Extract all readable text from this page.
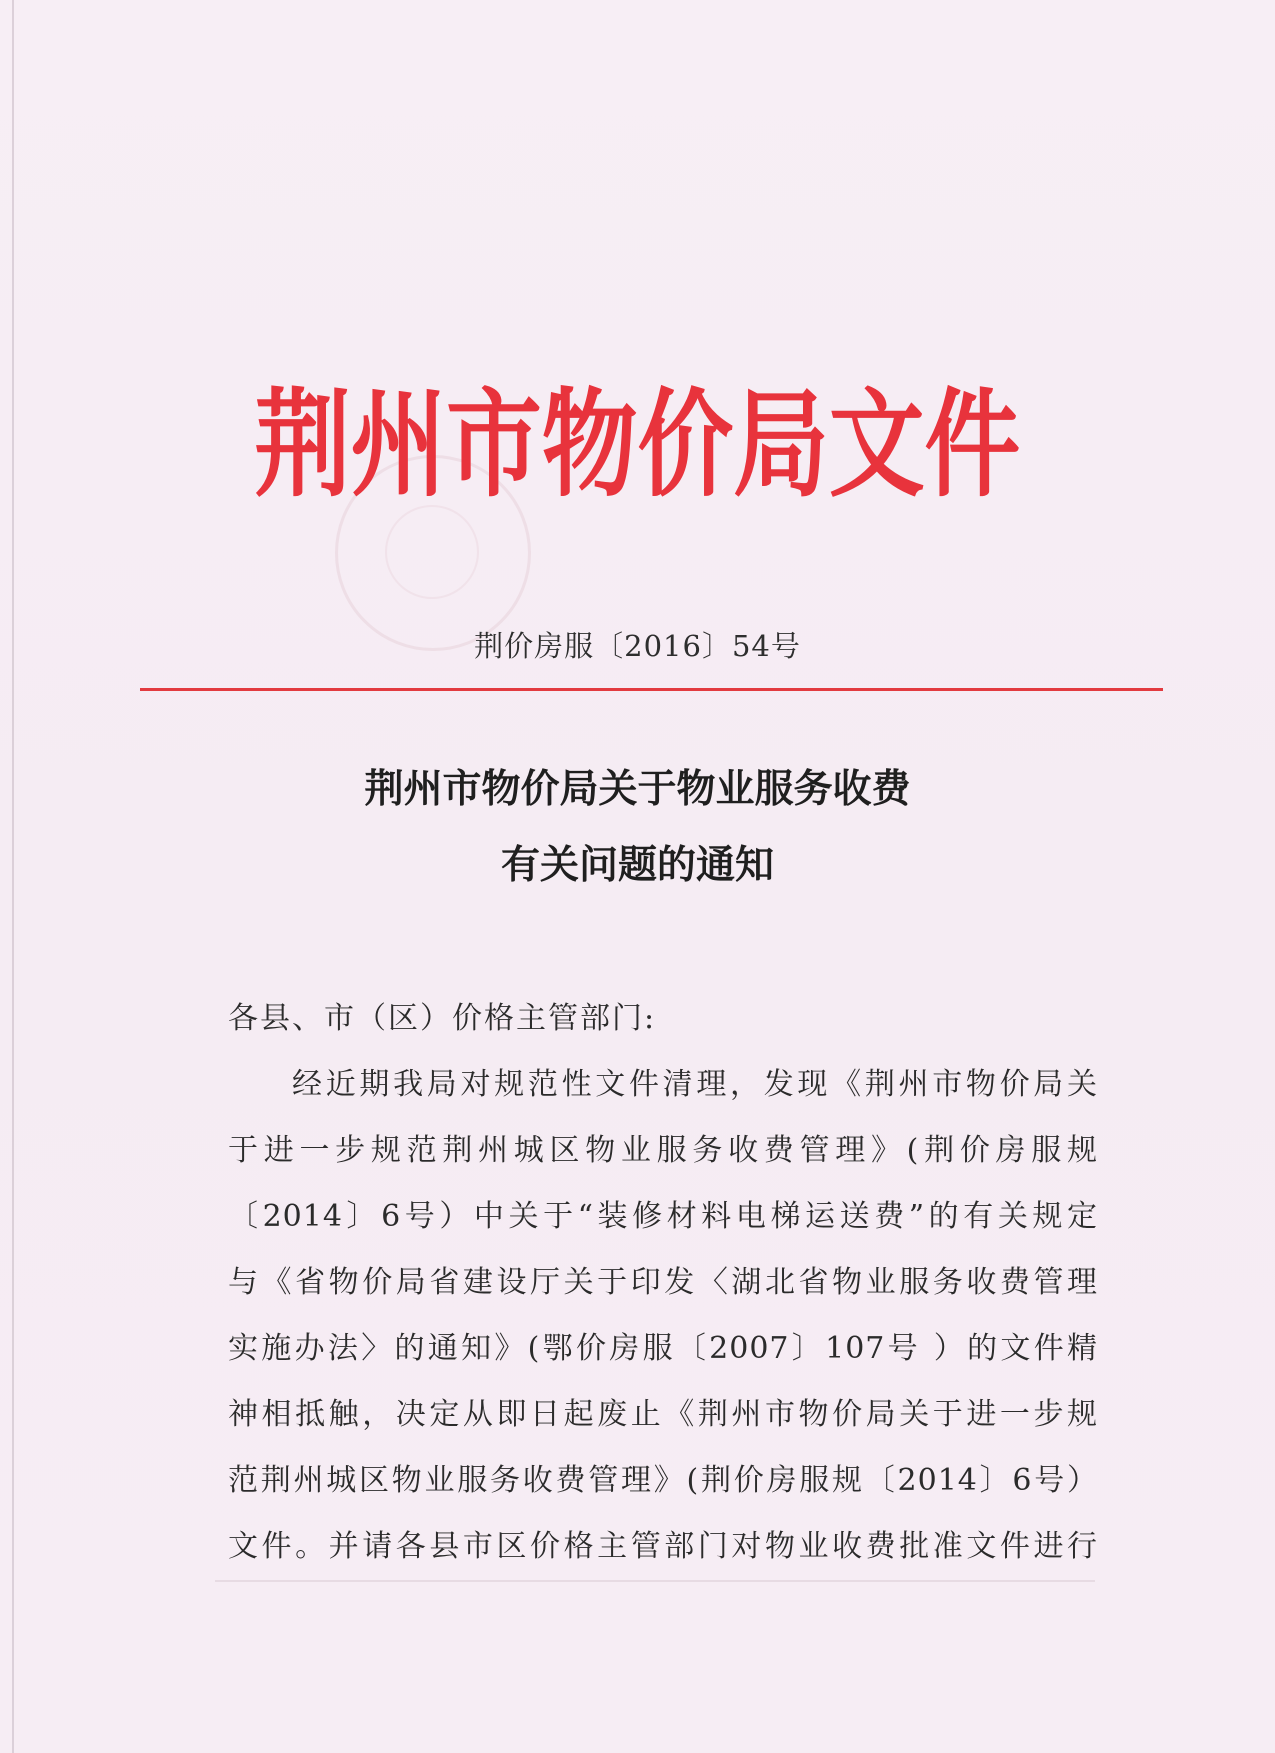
荆州市物价局文件
荆价房服〔2016〕54号
荆州市物价局关于物业服务收费
有关问题的通知
各县、市（区）价格主管部门:
经近期我局对规范性文件清理，发现《荆州市物价局关
于进一步规范荆州城区物业服务收费管理》(荆价房服规
〔2014〕6号）中关于“装修材料电梯运送费”的有关规定
与《省物价局省建设厅关于印发〈湖北省物业服务收费管理
实施办法〉的通知》(鄂价房服〔2007〕107号 ）的文件精
神相抵触，决定从即日起废止《荆州市物价局关于进一步规
范荆州城区物业服务收费管理》(荆价房服规〔2014〕6号）
文件。并请各县市区价格主管部门对物业收费批准文件进行
